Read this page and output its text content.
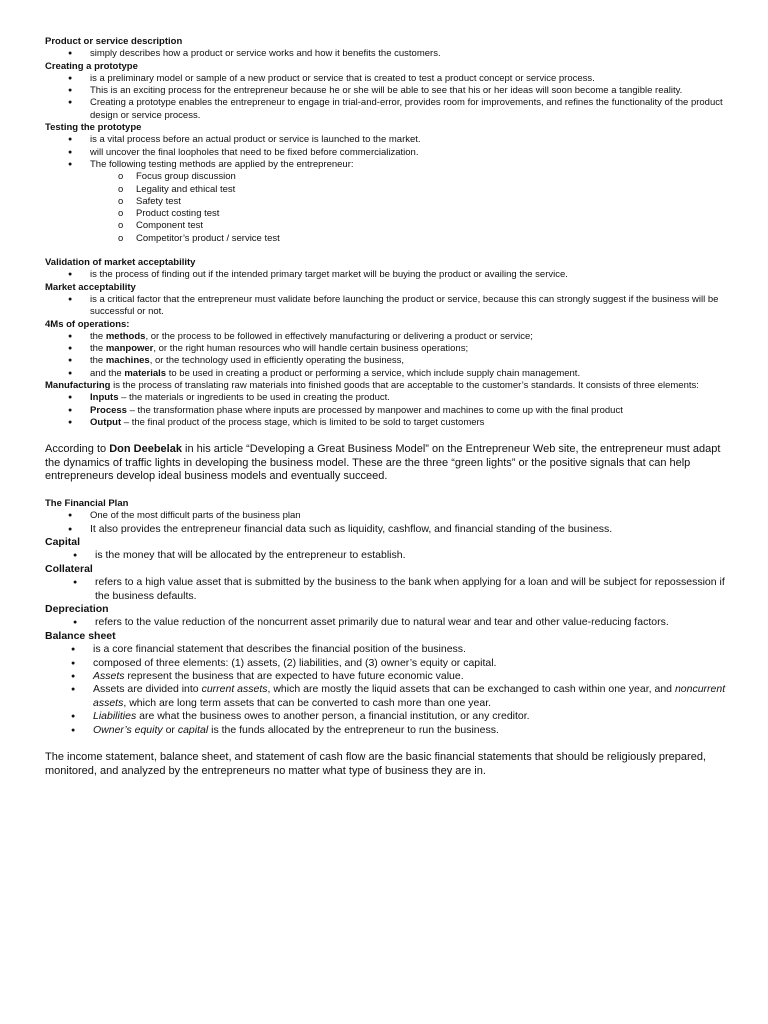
Product or service description
● simply describes how a product or service works and how it benefits the customers.
Creating a prototype
● is a preliminary model or sample of a new product or service that is created to test a product concept or service process.
● This is an exciting process for the entrepreneur because he or she will be able to see that his or her ideas will soon become a tangible reality.
● Creating a prototype enables the entrepreneur to engage in trial-and-error, provides room for improvements, and refines the functionality of the product design or service process.
Testing the prototype
● is a vital process before an actual product or service is launched to the market.
● will uncover the final loopholes that need to be fixed before commercialization.
● The following testing methods are applied by the entrepreneur:
o Focus group discussion
o Legality and ethical test
o Safety test
o Product costing test
o Component test
o Competitor’s product / service test
Validation of market acceptability
● is the process of finding out if the intended primary target market will be buying the product or availing the service.
Market acceptability
● is a critical factor that the entrepreneur must validate before launching the product or service, because this can strongly suggest if the business will be successful or not.
4Ms of operations:
● the methods, or the process to be followed in effectively manufacturing or delivering a product or service;
● the manpower, or the right human resources who will handle certain business operations;
● the machines, or the technology used in efficiently operating the business,
● and the materials to be used in creating a product or performing a service, which include supply chain management.

Manufacturing is the process of translating raw materials into finished goods that are acceptable to the customer’s standards. It consists of three elements:

● Inputs – the materials or ingredients to be used in creating the product.
● Process – the transformation phase where inputs are processed by manpower and machines to come up with the final product
● Output – the final product of the process stage, which is limited to be sold to target customers

According to Don Deebelak in his article “Developing a Great Business Model” on the Entrepreneur Web site, the entrepreneur must adapt the dynamics of traffic lights in developing the business model. These are the three “green lights” or the positive signals that can help entrepreneurs develop ideal business models and eventually succeed.

The Financial Plan
● One of the most difficult parts of the business plan
● It also provides the entrepreneur financial data such as liquidity, cashflow, and financial standing of the business.
Capital
● is the money that will be allocated by the entrepreneur to establish.
Collateral
● refers to a high value asset that is submitted by the business to the bank when applying for a loan and will be subject for repossession if the business defaults.
Depreciation
● refers to the value reduction of the noncurrent asset primarily due to natural wear and tear and other value-reducing factors.
Balance sheet
● is a core financial statement that describes the financial position of the business.
● composed of three elements: (1) assets, (2) liabilities, and (3) owner’s equity or capital.
● Assets represent the business that are expected to have future economic value.
● Assets are divided into current assets, which are mostly the liquid assets that can be exchanged to cash within one year, and noncurrent assets, which are long term assets that can be converted to cash more than one year.
● Liabilities are what the business owes to another person, a financial institution, or any creditor.
● Owner’s equity or capital is the funds allocated by the entrepreneur to run the business.

The income statement, balance sheet, and statement of cash flow are the basic financial statements that should be religiously prepared, monitored, and analyzed by the entrepreneurs no matter what type of business they are in.
